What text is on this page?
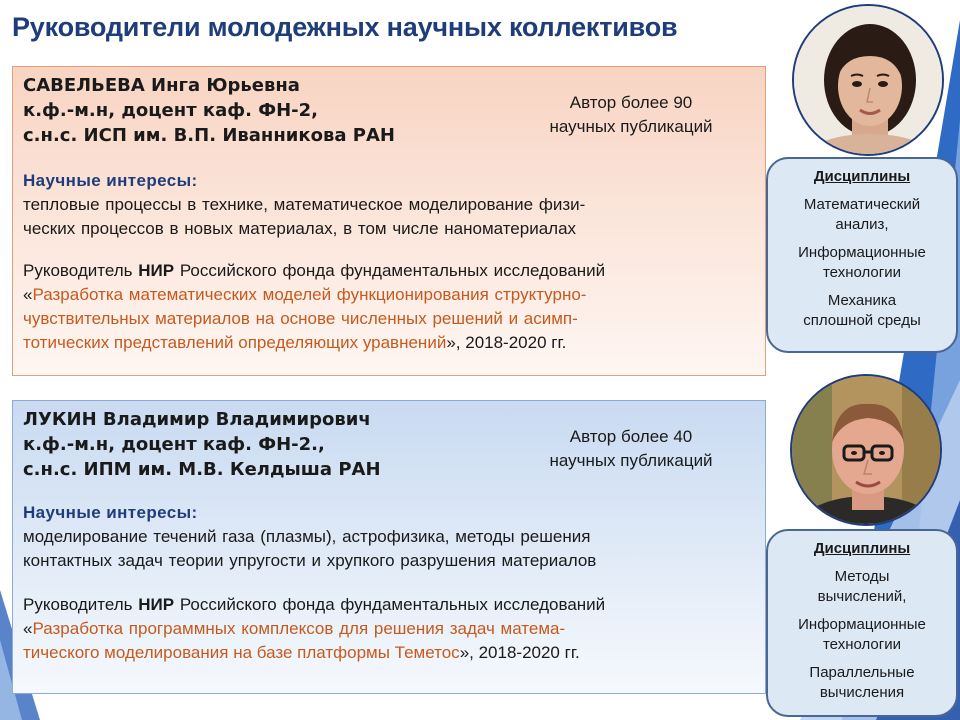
Руководители молодежных научных коллективов
САВЕЛЬЕВА Инга Юрьевна
к.ф.-м.н, доцент каф. ФН-2,
с.н.с. ИСП им. В.П. Иванникова РАН
Автор более 90
научных публикаций
Научные интересы:
тепловые процессы в технике, математическое моделирование физи-
ческих процессов в новых материалах, в том числе наноматериалах
Руководитель НИР Российского фонда фундаментальных исследований
«Разработка математических моделей функционирования структурно-
чувствительных материалов на основе численных решений и асимп-
тотических представлений определяющих уравнений», 2018-2020 гг.
ЛУКИН Владимир Владимирович
к.ф.-м.н, доцент каф. ФН-2.,
с.н.с. ИПМ им. М.В. Келдыша РАН
Автор более 40
научных публикаций
Научные интересы:
моделирование течений газа (плазмы), астрофизика, методы решения
контактных задач теории упругости и хрупкого разрушения материалов
Руководитель НИР Российского фонда фундаментальных исследований
«Разработка программных комплексов для решения задач матема-
тического моделирования на базе платформы Теметос», 2018-2020 гг.
Дисциплины
Математический анализ,
Информационные технологии
Механика сплошной среды
Дисциплины
Методы вычислений,
Информационные технологии
Параллельные вычисления
